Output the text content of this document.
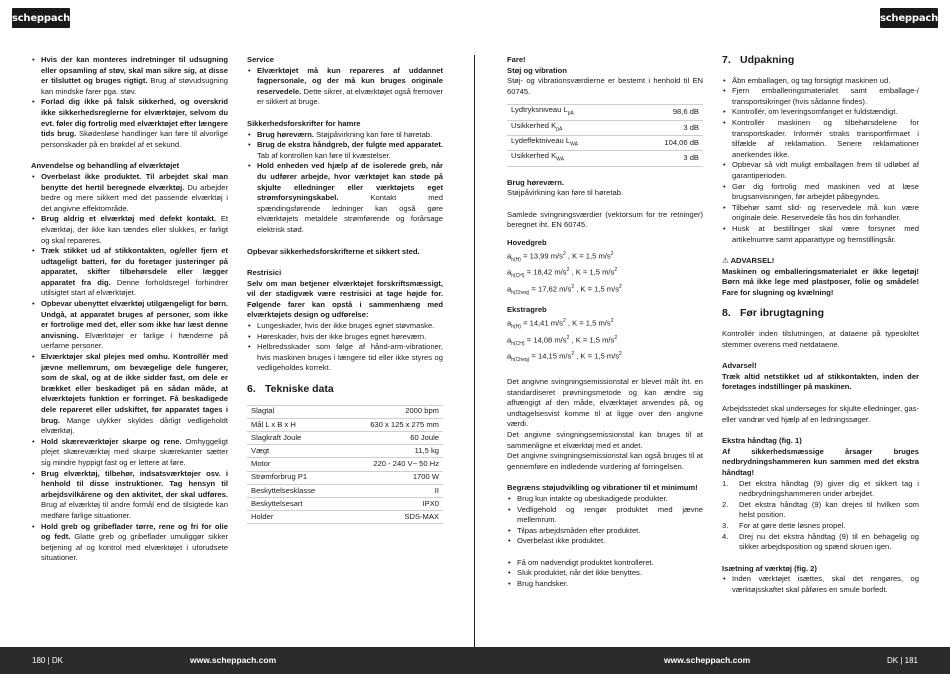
scheppach	scheppach
• Hvis der kan monteres indretninger til udsugning eller opsamling af støv, skal man sikre sig, at disse er tilsluttet og bruges rigtigt. Brug af støvudsugning kan mindske farer pga. støv.
• Forlad dig ikke på falsk sikkerhed, og overskrid ikke sikkerhedsreglerne for elværktøjer, selvom du evt. føler dig fortrolig med elværktøjet efter længere tids brug. Skødesløse handlinger kan føre til alvorlige personskader på en brøkdel af et sekund.
Anvendelse og behandling af elværktøjet
• Overbelast ikke produktet. Til arbejdet skal man benytte det hertil beregnede elværktøj. Du arbejder bedre og mere sikkert med det passende elværktøj i det angivne effektområde.
• Brug aldrig et elværktøj med defekt kontakt. Et elværktøj, der ikke kan tændes eller slukkes, er farligt og skal repareres.
• Træk stikket ud af stikkontakten, og/eller fjern et udtageligt batteri, før du foretager justeringer på apparatet, skifter tilbehørsdele eller lægger apparatet fra dig. Denne forholdsregel forhindrer utilsigtet start af elværktøjet.
• Opbevar ubenyttet elværktøj utilgængeligt for børn. Undgå, at apparatet bruges af personer, som ikke er fortrolige med det, eller som ikke har læst denne anvisning. Elværktøjer er farlige i hænderne på uerfarne personer.
• Elværktøjer skal plejes med omhu. Kontrollér med jævne mellemrum, om bevægelige dele fungerer, som de skal, og at de ikke sidder fast, om dele er brækket eller beskadiget på en sådan måde, at elværktøjets funktion er forringet. Få beskadigede dele repareret eller udskiftet, før apparatet tages i brug. Mange ulykker skyldes dårligt vedligeholdt elværktøj.
• Hold skæreværktøjer skarpe og rene. Omhyggeligt plejet skæreværktøj med skarpe skærekanter sætter sig mindre hyppigt fast og er lettere at føre.
• Brug elværktøj, tilbehør, indsatsværktøjer osv. i henhold til disse instruktioner. Tag hensyn til arbejdsvilkårene og den aktivitet, der skal udføres. Brug af elværktøj til andre formål end de tilsigtede kan medføre farlige situationer.
• Hold greb og gribeflader tørre, rene og fri for olie og fedt. Glatte greb og gribeflader umuliggør sikker betjening af og kontrol med elværktøjet i uforudsete situationer.
Service
• Elværktøjet må kun repareres af uddannet fagpersonale, og der må kun bruges originale reservedele. Dette sikrer, at elværktøjet også fremover er sikkert at bruge.
Sikkerhedsforskrifter for hamre
• Brug høreværn. Støjpåvirkning kan føre til høretab.
• Brug de ekstra håndgreb, der fulgte med apparatet. Tab af kontrollen kan føre til kvæstelser.
• Hold enheden ved hjælp af de isolerede greb, når du udfører arbejde, hvor værktøjet kan støde på skjulte elledninger eller værktøjets eget strømforsyningskabel. Kontakt med spændingsførende ledninger kan også gøre elværktøjets metaldele strømførende og forårsage elektrisk stød.
Opbevar sikkerhedsforskrifterne et sikkert sted.
Restrisici
Selv om man betjener elværktøjet forskriftsmæssigt, vil der stadigvæk være restrisici at tage højde for. Følgende farer kan opstå i sammenhæng med elværktøjets design og udførelse:
• Lungeskader, hvis der ikke bruges egnet støvmaske.
• Høreskader, hvis der ikke bruges egnet høreværn.
• Helbredsskader som følge af hånd-arm-vibrationer, hvis maskinen bruges i længere tid eller ikke styres og vedligeholdes korrekt.
6. Tekniske data
Slagtal	2000 bpm
Mål L x B x H	630 x 125 x 275 mm
Slagkraft Joule	60 Joule
Vægt	11,5 kg
Motor	220 - 240 V~ 50 Hz
Strømforbrug P1	1700 W
Beskyttelsesklasse	II
Beskyttelsesart	IPX0
Holder	SDS-MAX
Fare!
Støj og vibration
Støj- og vibrationsværdierne er bestemt i henhold til EN 60745.
Lydtryksniveau $L_{pA}$	98,6 dB
Usikkerhed $K_{pA}$	3 dB
Lydeffektniveau $L_{WA}$	104,06 dB
Usikkerhed $K_{WA}$	3 dB
Brug høreværn.
Støjpåvirkning kan føre til høretab.
Samlede svingningsværdier (vektorsum for tre retninger) beregnet iht. EN 60745.
Hovedgreb
$a_{h(H)} = 13,99$ $m/s^2$ , K = 1,5 $m/s^2$
$a_{h(CH)} = 18,42$ $m/s^2$ , K = 1,5 $m/s^2$
$a_{h(Cheq)} = 17,62$ $m/s^2$ , K = 1,5 $m/s^2$
Ekstragreb
$a_{h(H)} = 14,41$ $m/s^2$ , K = 1,5 $m/s^2$
$a_{h(CH)} = 14,08$ $m/s^2$ , K = 1,5 $m/s^2$
$a_{h(Cheq)} = 14,15$ $m/s^2$ , K = 1,5 $m/s^2$
Det angivne svingningsemissionstal er blevet målt iht. en standardiseret prøvningsmetode og kan ændre sig afhængigt af den måde, elværktøjet anvendes på, og undtagelsesvist komme til at ligge over den angivne værdi.
Det angivne svingningsemissionstal kan bruges til at sammenligne et elværktøj med et andet.
Det angivne svingningsemissionstal kan også bruges til at gennemføre en indledende vurdering af forringelsen.
Begræns støjudvikling og vibrationer til et minimum!
• Brug kun intakte og ubeskadigede produkter.
• Vedligehold og rengør produktet med jævne mellemrum.
• Tilpas arbejdsmåden efter produktet.
• Overbelast ikke produktet.
• Få om nødvendigt produktet kontrolleret.
• Sluk produktet, når det ikke benyttes.
• Brug handsker.
7. Udpakning
• Åbn emballagen, og tag forsigtigt maskinen ud.
• Fjern emballeringsmaterialet samt emballage-/ transportsikringer (hvis sådanne findes).
• Kontrollér, om leveringsomfanget er fuldstændigt.
• Kontrollér maskinen og tilbehørsdelene for transportskader. Informér straks transportfirmaet i tilfælde af reklamation. Senere reklamationer anerkendes ikke.
• Opbevar så vidt muligt emballagen frem til udløbet af garantiperioden.
• Gør dig fortrolig med maskinen ved at læse brugsanvisningen, før arbejdet påbegyndes.
• Tilbehør samt slid- og reservedele må kun være originale dele. Reservedele fås hos din forhandler.
• Husk at bestillinger skal være forsynet med artikelnumre samt apparattype og fremstillingsår.
⚠ ADVARSEL!
Maskinen og emballeringsmaterialet er ikke legetøj! Børn må ikke lege med plastposer, folie og smådele! Fare for slugning og kvælning!
8. Før ibrugtagning
Kontrollér inden tilslutningen, at dataene på typeskiltet stemmer overens med netdataene.
Advarsel!
Træk altid netstikket ud af stikkontakten, inden der foretages indstillinger på maskinen.
Arbejdsstedet skal undersøges for skjulte elledninger, gas- eller vandrør ved hjælp af en ledningssøger.
Ekstra håndtag (fig. 1)
Af sikkerhedsmæssige årsager bruges nedbrydningshammeren kun sammen med det ekstra håndtag!
1. Det ekstra håndtag (9) giver dig et sikkert tag i nedbrydningshammeren under arbejdet.
2. Det ekstra håndtag (9) kan drejes til hvilken som helst position.
3. For at gøre dette løsnes propel.
4. Drej nu det ekstra håndtag (9) til en behagelig og sikker arbejdsposition og spænd skruen igen.
Isætning af værktøj (fig. 2)
• Inden værktøjet isættes, skal det rengøres, og værktøjsskaftet skal påføres en smule borfedt.
180 | DK	www.scheppach.com	www.scheppach.com	DK | 181
